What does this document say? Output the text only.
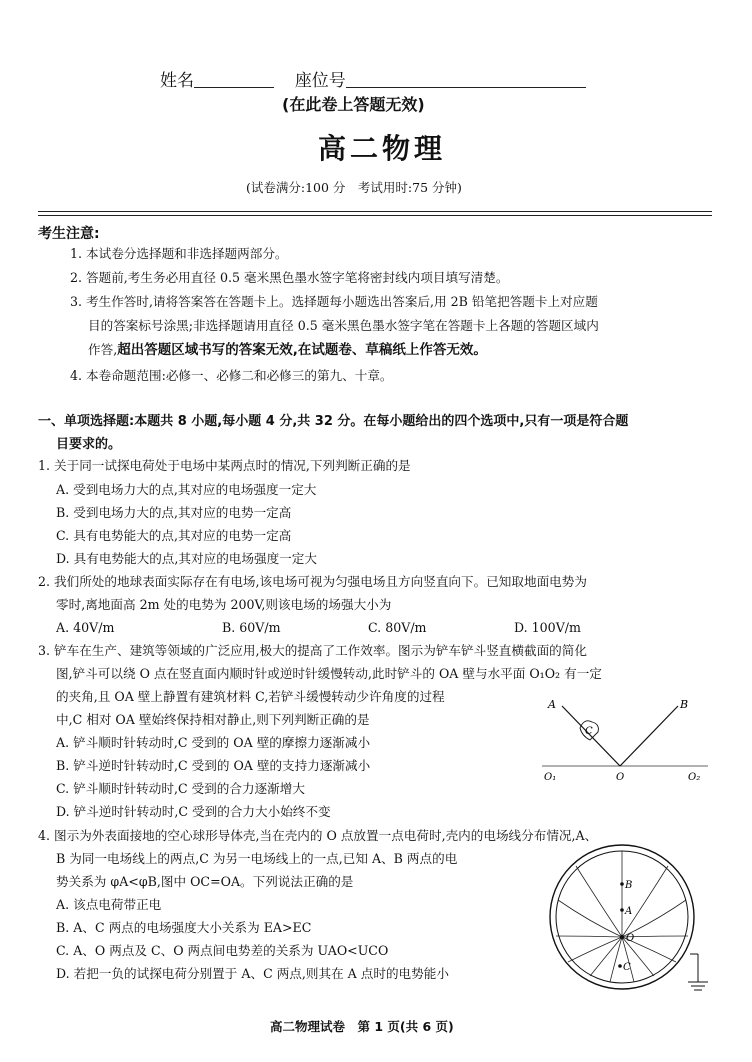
姓名	座位号
(在此卷上答题无效)
高二物理
(试卷满分:100 分　考试用时:75 分钟)
考生注意:
1. 本试卷分选择题和非选择题两部分。
2. 答题前,考生务必用直径 0.5 毫米黑色墨水签字笔将密封线内项目填写清楚。
3. 考生作答时,请将答案答在答题卡上。选择题每小题选出答案后,用 2B 铅笔把答题卡上对应题
目的答案标号涂黑;非选择题请用直径 0.5 毫米黑色墨水签字笔在答题卡上各题的答题区域内
作答,超出答题区域书写的答案无效,在试题卷、草稿纸上作答无效。
4. 本卷命题范围:必修一、必修二和必修三的第九、十章。
一、单项选择题:本题共 8 小题,每小题 4 分,共 32 分。在每小题给出的四个选项中,只有一项是符合题
目要求的。
1. 关于同一试探电荷处于电场中某两点时的情况,下列判断正确的是
A. 受到电场力大的点,其对应的电场强度一定大
B. 受到电场力大的点,其对应的电势一定高
C. 具有电势能大的点,其对应的电势一定高
D. 具有电势能大的点,其对应的电场强度一定大
2. 我们所处的地球表面实际存在有电场,该电场可视为匀强电场且方向竖直向下。已知取地面电势为
零时,离地面高 2m 处的电势为 200V,则该电场的场强大小为
A. 40V/m	B. 60V/m	C. 80V/m	D. 100V/m
3. 铲车在生产、建筑等领域的广泛应用,极大的提高了工作效率。图示为铲车铲斗竖直横截面的简化
图,铲斗可以绕 O 点在竖直面内顺时针或逆时针缓慢转动,此时铲斗的 OA 壁与水平面 O₁O₂ 有一定
的夹角,且 OA 壁上静置有建筑材料 C,若铲斗缓慢转动少许角度的过程
中,C 相对 OA 壁始终保持相对静止,则下列判断正确的是
A. 铲斗顺时针转动时,C 受到的 OA 壁的摩擦力逐渐减小
B. 铲斗逆时针转动时,C 受到的 OA 壁的支持力逐渐减小
C. 铲斗顺时针转动时,C 受到的合力逐渐增大
D. 铲斗逆时针转动时,C 受到的合力大小始终不变
C
A	B
O
O₁	O₂
4. 图示为外表面接地的空心球形导体壳,当在壳内的 O 点放置一点电荷时,壳内的电场线分布情况,A、
B 为同一电场线上的两点,C 为另一电场线上的一点,已知 A、B 两点的电
势关系为 φA<φB,图中 OC=OA。下列说法正确的是
A. 该点电荷带正电
B. A、C 两点的电场强度大小关系为 EA>EC
C. A、O 两点及 C、O 两点间电势差的关系为 UAO<UCO
D. 若把一负的试探电荷分别置于 A、C 两点,则其在 A 点时的电势能小
B
A
O
C
高二物理试卷　第 1 页(共 6 页)
